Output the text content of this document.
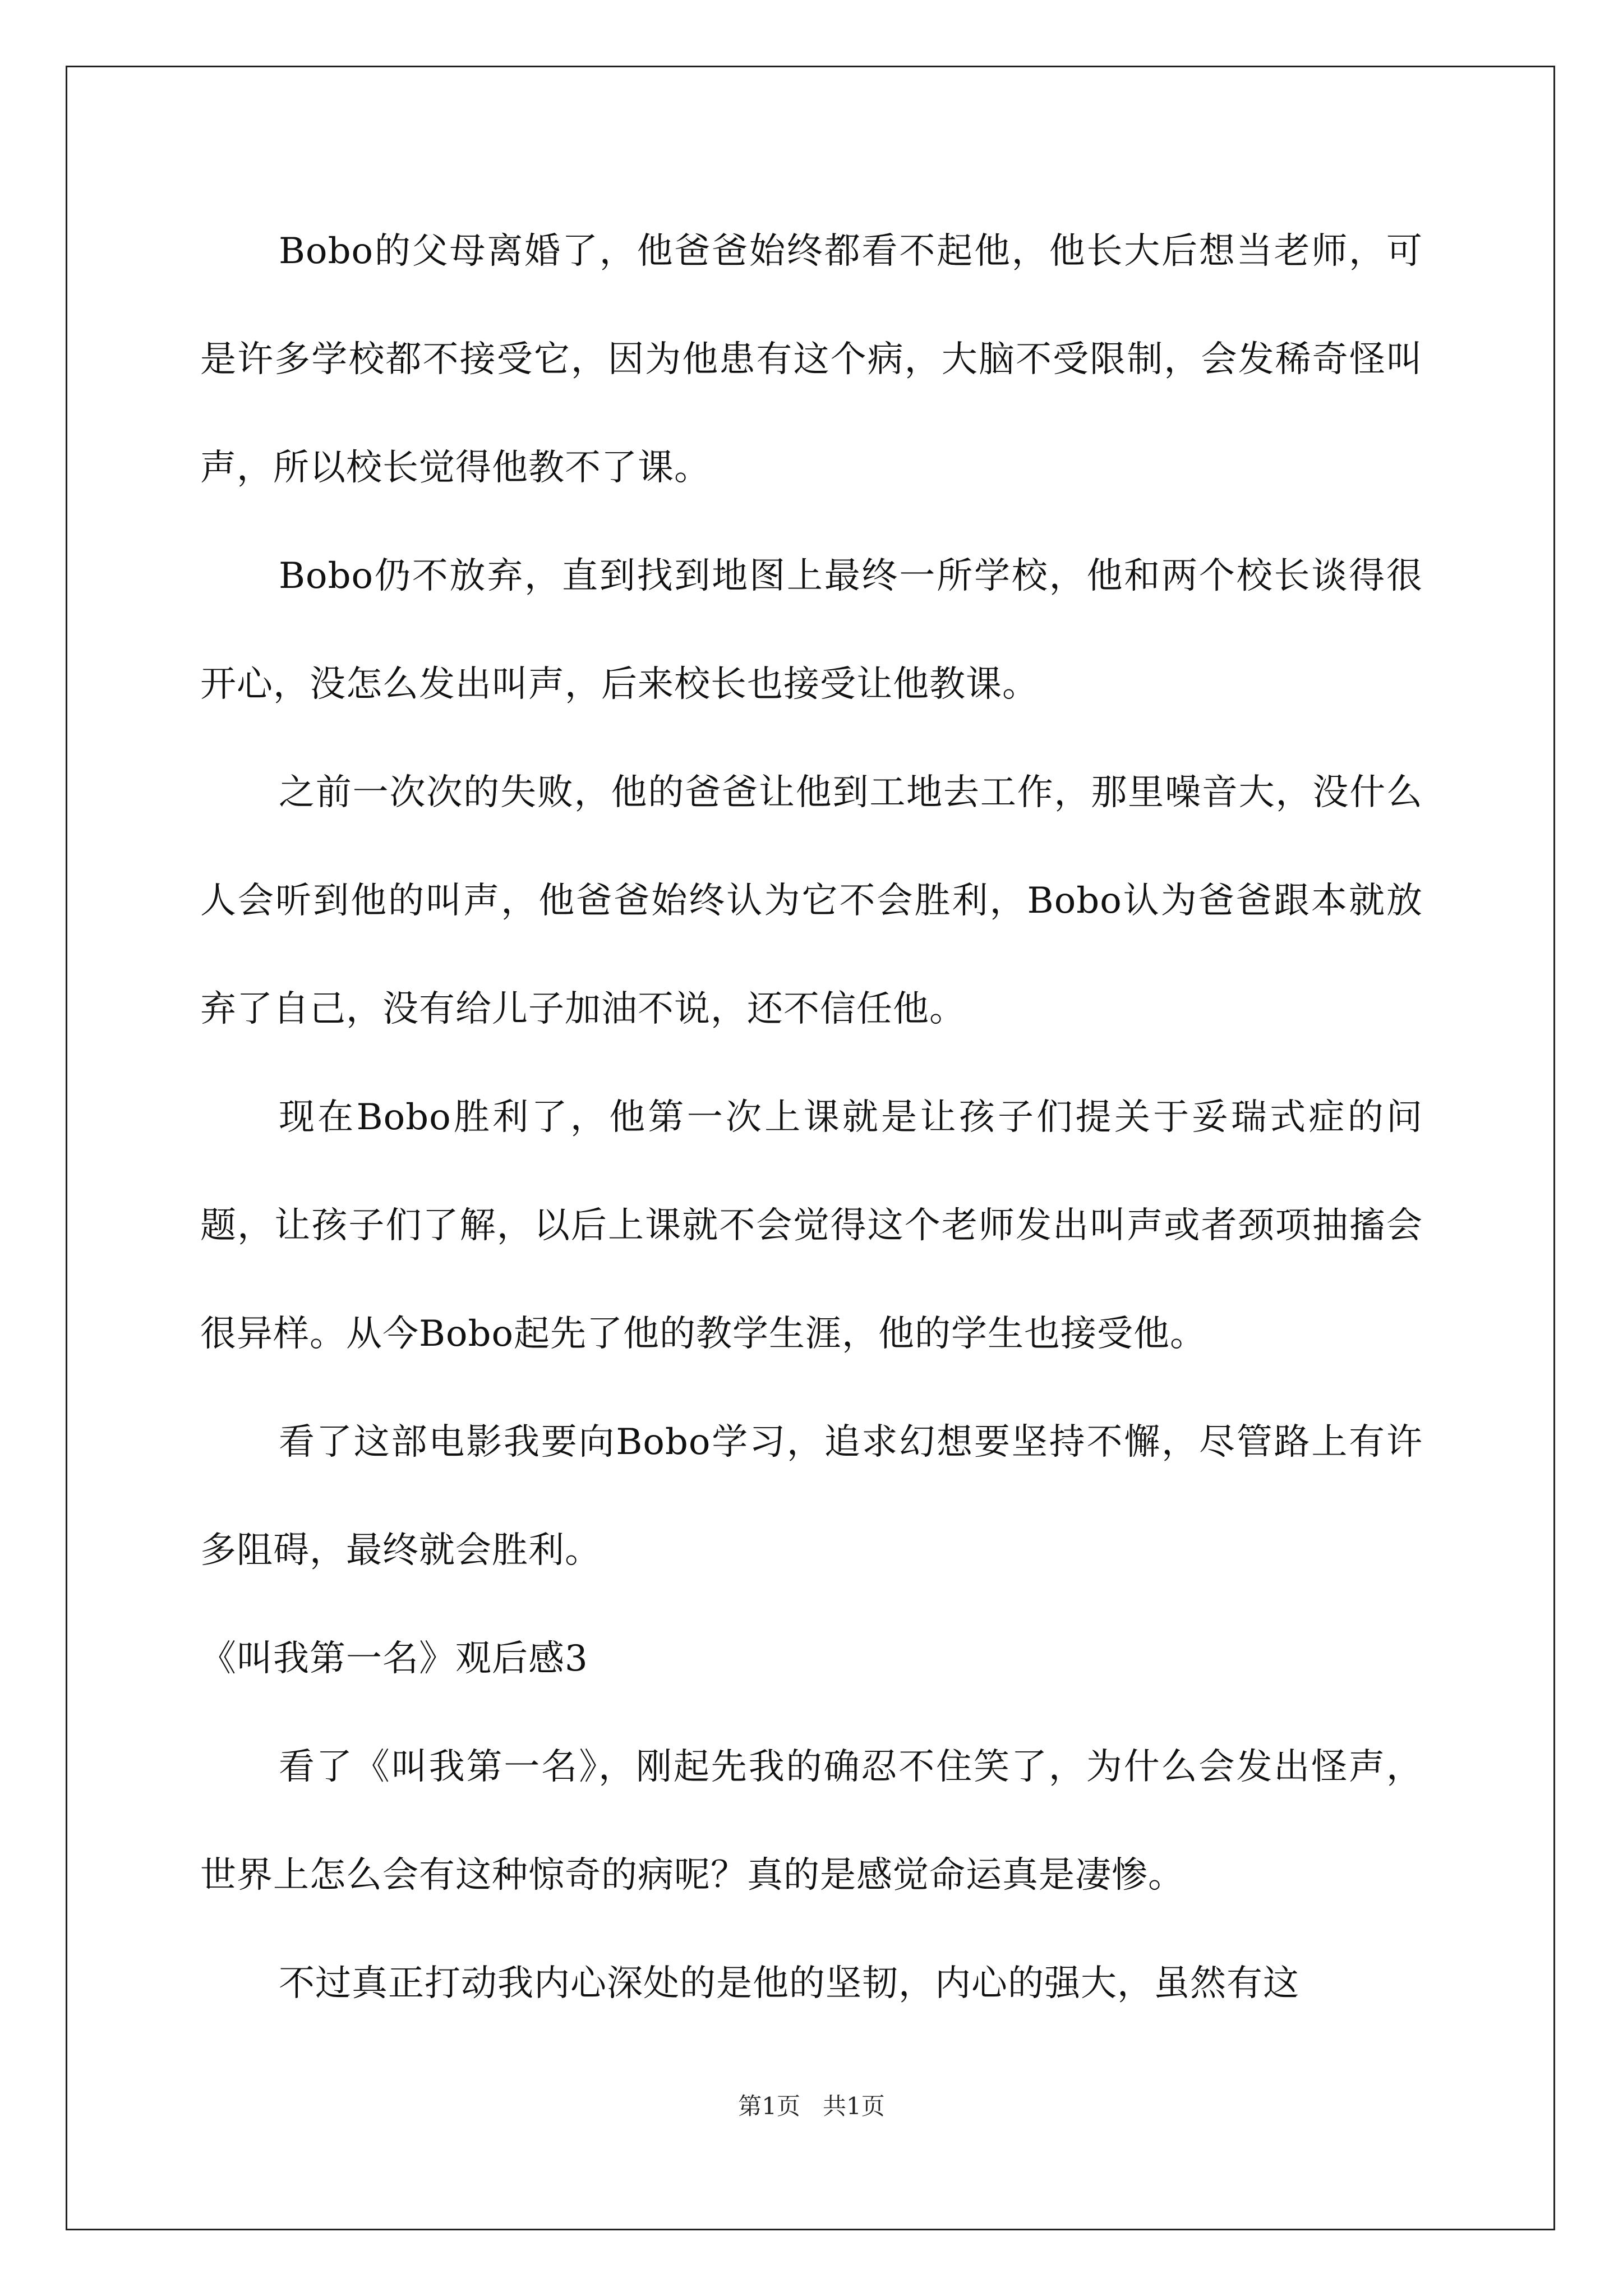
Bobo的父母离婚了，他爸爸始终都看不起他，他长大后想当老师，可是许多学校都不接受它，因为他患有这个病，大脑不受限制，会发稀奇怪叫声，所以校长觉得他教不了课。

Bobo仍不放弃，直到找到地图上最终一所学校，他和两个校长谈得很开心，没怎么发出叫声，后来校长也接受让他教课。

之前一次次的失败，他的爸爸让他到工地去工作，那里噪音大，没什么人会听到他的叫声，他爸爸始终认为它不会胜利，Bobo认为爸爸跟本就放弃了自己，没有给儿子加油不说，还不信任他。

现在Bobo胜利了，他第一次上课就是让孩子们提关于妥瑞式症的问题，让孩子们了解，以后上课就不会觉得这个老师发出叫声或者颈项抽搐会很异样。从今Bobo起先了他的教学生涯，他的学生也接受他。

看了这部电影我要向Bobo学习，追求幻想要坚持不懈，尽管路上有许多阻碍，最终就会胜利。

《叫我第一名》观后感3

看了《叫我第一名》，刚起先我的确忍不住笑了，为什么会发出怪声，世界上怎么会有这种惊奇的病呢？真的是感觉命运真是凄惨。

不过真正打动我内心深处的是他的坚韧，内心的强大，虽然有这

第1页   共1页
